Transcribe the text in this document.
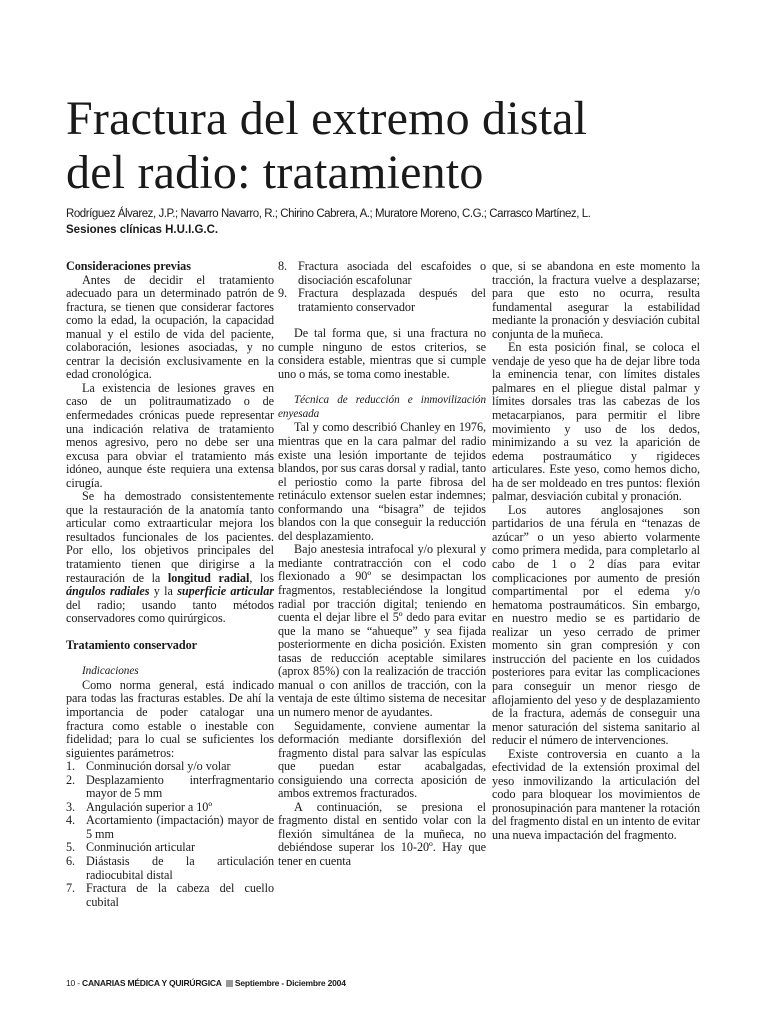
Fractura del extremo distal
del radio: tratamiento
Rodríguez Álvarez, J.P.; Navarro Navarro, R.; Chirino Cabrera, A.; Muratore Moreno, C.G.; Carrasco Martínez, L.
Sesiones clínicas H.U.I.G.C.

Consideraciones previas

Antes de decidir el tratamiento adecuado para un determinado patrón de fractura, se tienen que considerar factores como la edad, la ocupación, la capacidad manual y el estilo de vida del paciente, colaboración, lesiones asociadas, y no centrar la decisión exclusivamente en la edad cronológica.

La existencia de lesiones graves en caso de un politraumatizado o de enfermedades crónicas puede representar una indicación relativa de tratamiento menos agresivo, pero no debe ser una excusa para obviar el tratamiento más idóneo, aunque éste requiera una extensa cirugía.

Se ha demostrado consistentemente que la restauración de la anatomía tanto articular como extraarticular mejora los resultados funcionales de los pacientes. Por ello, los objetivos principales del tratamiento tienen que dirigirse a la restauración de la longitud radial, los ángulos radiales y la superficie articular del radio; usando tanto métodos conservadores como quirúrgicos.

Tratamiento conservador

Indicaciones

Como norma general, está indicado para todas las fracturas estables. De ahí la importancia de poder catalogar una fractura como estable o inestable con fidelidad; para lo cual se suficientes los siguientes parámetros:

1. Conminución dorsal y/o volar
2. Desplazamiento interfragmentario mayor de 5 mm
3. Angulación superior a 10º
4. Acortamiento (impactación) mayor de 5 mm
5. Conminución articular
6. Diástasis de la articulación radiocubital distal
7. Fractura de la cabeza del cuello cubital
8. Fractura asociada del escafoides o disociación escafolunar
9. Fractura desplazada después del tratamiento conservador

De tal forma que, si una fractura no cumple ninguno de estos criterios, se considera estable, mientras que si cumple uno o más, se toma como inestable.

Técnica de reducción e inmovilización enyesada

Tal y como describió Chanley en 1976, mientras que en la cara palmar del radio existe una lesión importante de tejidos blandos, por sus caras dorsal y radial, tanto el periostio como la parte fibrosa del retináculo extensor suelen estar indemnes; conformando una “bisagra” de tejidos blandos con la que conseguir la reducción del desplazamiento.

Bajo anestesia intrafocal y/o plexural y mediante contratracción con el codo flexionado a 90º se desimpactan los fragmentos, restableciéndose la longitud radial por tracción digital; teniendo en cuenta el dejar libre el 5º dedo para evitar que la mano se “ahueque” y sea fijada posteriormente en dicha posición. Existen tasas de reducción aceptable similares (aprox 85%) con la realización de tracción manual o con anillos de tracción, con la ventaja de este último sistema de necesitar un numero menor de ayudantes.

Seguidamente, conviene aumentar la deformación mediante dorsiflexión del fragmento distal para salvar las espículas que puedan estar acabalgadas, consiguiendo una correcta aposición de ambos extremos fracturados.

A continuación, se presiona el fragmento distal en sentido volar con la flexión simultánea de la muñeca, no debiéndose superar los 10-20º. Hay que tener en cuenta

que, si se abandona en este momento la tracción, la fractura vuelve a desplazarse; para que esto no ocurra, resulta fundamental asegurar la estabilidad mediante la pronación y desviación cubital conjunta de la muñeca.

En esta posición final, se coloca el vendaje de yeso que ha de dejar libre toda la eminencia tenar, con límites distales palmares en el pliegue distal palmar y límites dorsales tras las cabezas de los metacarpianos, para permitir el libre movimiento y uso de los dedos, minimizando a su vez la aparición de edema postraumático y rigideces articulares. Este yeso, como hemos dicho, ha de ser moldeado en tres puntos: flexión palmar, desviación cubital y pronación.

Los autores anglosajones son partidarios de una férula en “tenazas de azúcar” o un yeso abierto volarmente como primera medida, para completarlo al cabo de 1 o 2 días para evitar complicaciones por aumento de presión compartimental por el edema y/o hematoma postraumáticos. Sin embargo, en nuestro medio se es partidario de realizar un yeso cerrado de primer momento sin gran compresión y con instrucción del paciente en los cuidados posteriores para evitar las complicaciones para conseguir un menor riesgo de aflojamiento del yeso y de desplazamiento de la fractura, además de conseguir una menor saturación del sistema sanitario al reducir el número de intervenciones.

Existe controversia en cuanto a la efectividad de la extensión proximal del yeso inmovilizando la articulación del codo para bloquear los movimientos de pronosupinación para mantener la rotación del fragmento distal en un intento de evitar una nueva impactación del fragmento.

10 - CANARIAS MÉDICA Y QUIRÚRGICA Septiembre - Diciembre 2004
